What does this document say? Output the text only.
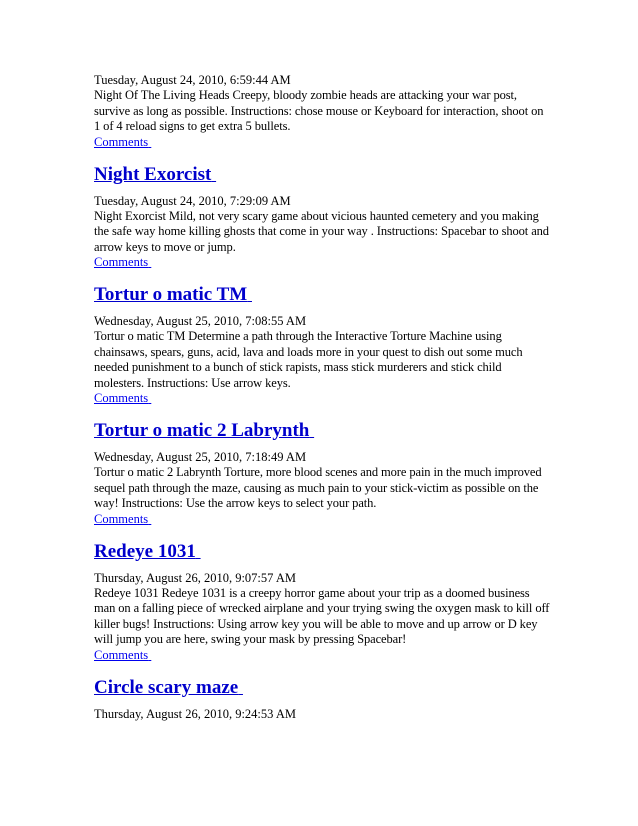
Tuesday, August 24, 2010, 6:59:44 AM

Night Of The Living Heads Creepy, bloody zombie heads are attacking your war post, survive as long as possible. Instructions: chose mouse or Keyboard for interaction, shoot on 1 of 4 reload signs to get extra 5 bullets.

Comments
Night Exorcist

Tuesday, August 24, 2010, 7:29:09 AM

Night Exorcist Mild, not very scary game about vicious haunted cemetery and you making the safe way home killing ghosts that come in your way . Instructions: Spacebar to shoot and arrow keys to move or jump.

Comments
Tortur o matic TM

Wednesday, August 25, 2010, 7:08:55 AM

Tortur o matic TM Determine a path through the Interactive Torture Machine using chainsaws, spears, guns, acid, lava and loads more in your quest to dish out some much needed punishment to a bunch of stick rapists, mass stick murderers and stick child molesters. Instructions: Use arrow keys.

Comments
Tortur o matic 2 Labrynth

Wednesday, August 25, 2010, 7:18:49 AM

Tortur o matic 2 Labrynth Torture, more blood scenes and more pain in the much improved sequel path through the maze, causing as much pain to your stick-victim as possible on the way! Instructions: Use the arrow keys to select your path.

Comments
Redeye 1031

Thursday, August 26, 2010, 9:07:57 AM

Redeye 1031 Redeye 1031 is a creepy horror game about your trip as a doomed business man on a falling piece of wrecked airplane and your trying swing the oxygen mask to kill off killer bugs! Instructions: Using arrow key you will be able to move and up arrow or D key will jump you are here, swing your mask by pressing Spacebar!

Comments
Circle scary maze

Thursday, August 26, 2010, 9:24:53 AM
